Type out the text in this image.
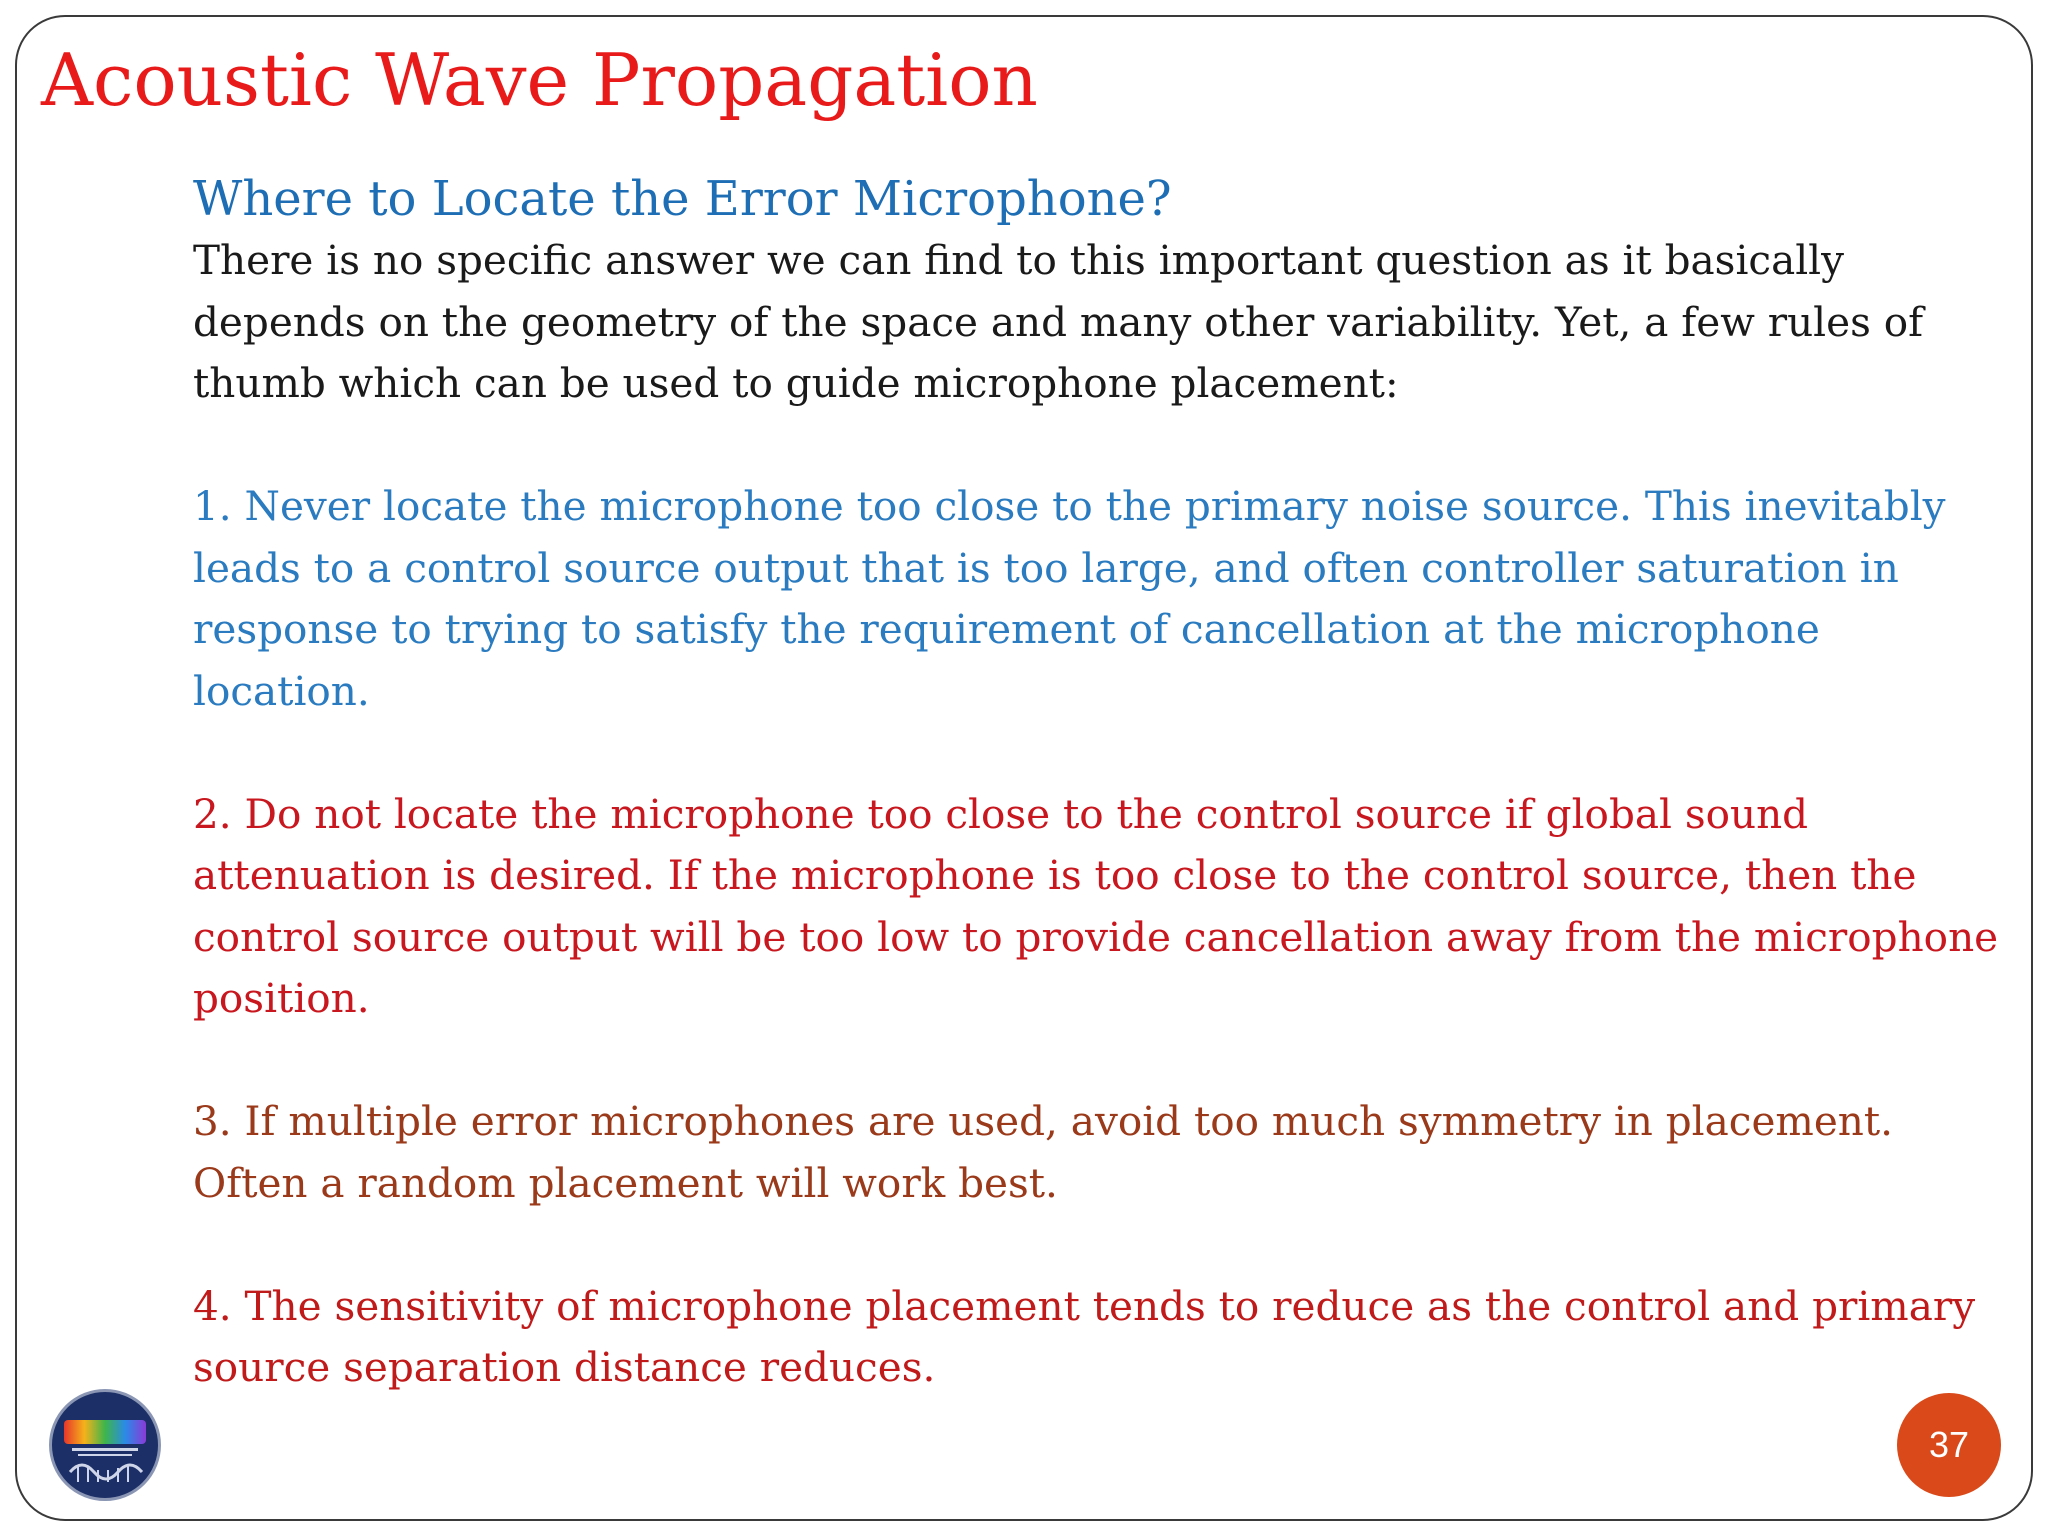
Acoustic Wave Propagation
Where to Locate the Error Microphone?

There is no specific answer we can find to this important question as it basically depends on the geometry of the space and many other variability. Yet, a few rules of thumb which can be used to guide microphone placement:

1. Never locate the microphone too close to the primary noise source. This inevitably leads to a control source output that is too large, and often controller saturation in response to trying to satisfy the requirement of cancellation at the microphone location.

2. Do not locate the microphone too close to the control source if global sound attenuation is desired. If the microphone is too close to the control source, then the control source output will be too low to provide cancellation away from the microphone position.

3. If multiple error microphones are used, avoid too much symmetry in placement. Often a random placement will work best.

4. The sensitivity of microphone placement tends to reduce as the control and primary source separation distance reduces.

37
